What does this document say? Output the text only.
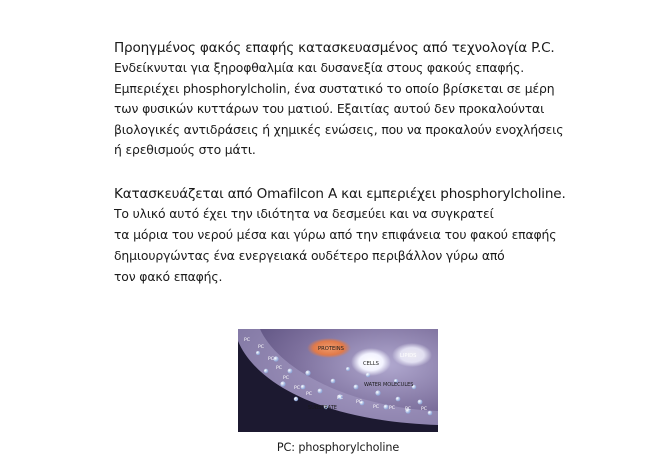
Προηγμένος φακός επαφής κατασκευασμένος από τεχνολογία P.C.

Ενδείκνυται για ξηροφθαλμία και δυσανεξία στους φακούς επαφής.

Εμπεριέχει phosphorylcholin, ένα συστατικό το οποίο βρίσκεται σε μέρη

των φυσικών κυττάρων του ματιού. Εξαιτίας αυτού δεν προκαλούνται

βιολογικές αντιδράσεις ή χημικές ενώσεις, που να προκαλούν ενοχλήσεις

ή ερεθισμούς στο μάτι.

Κατασκευάζεται από Omafilcon A και εμπεριέχει phosphorylcholine.

Το υλικό αυτό έχει την ιδιότητα να δεσμεύει και να συγκρατεί

τα μόρια του νερού μέσα και γύρω από την επιφάνεια του φακού επαφής

δημιουργώντας ένα ενεργειακά ουδέτερο περιβάλλον γύρω από

τον φακό επαφής.

PROTEINS
CELLS
LIPIDS
WATER MOLECULES
SUBSTRATE
PC
PC
PC
PC
PC
PC
PC
PC
PC
PC PC PC PC

PC: phosphorylcholine
